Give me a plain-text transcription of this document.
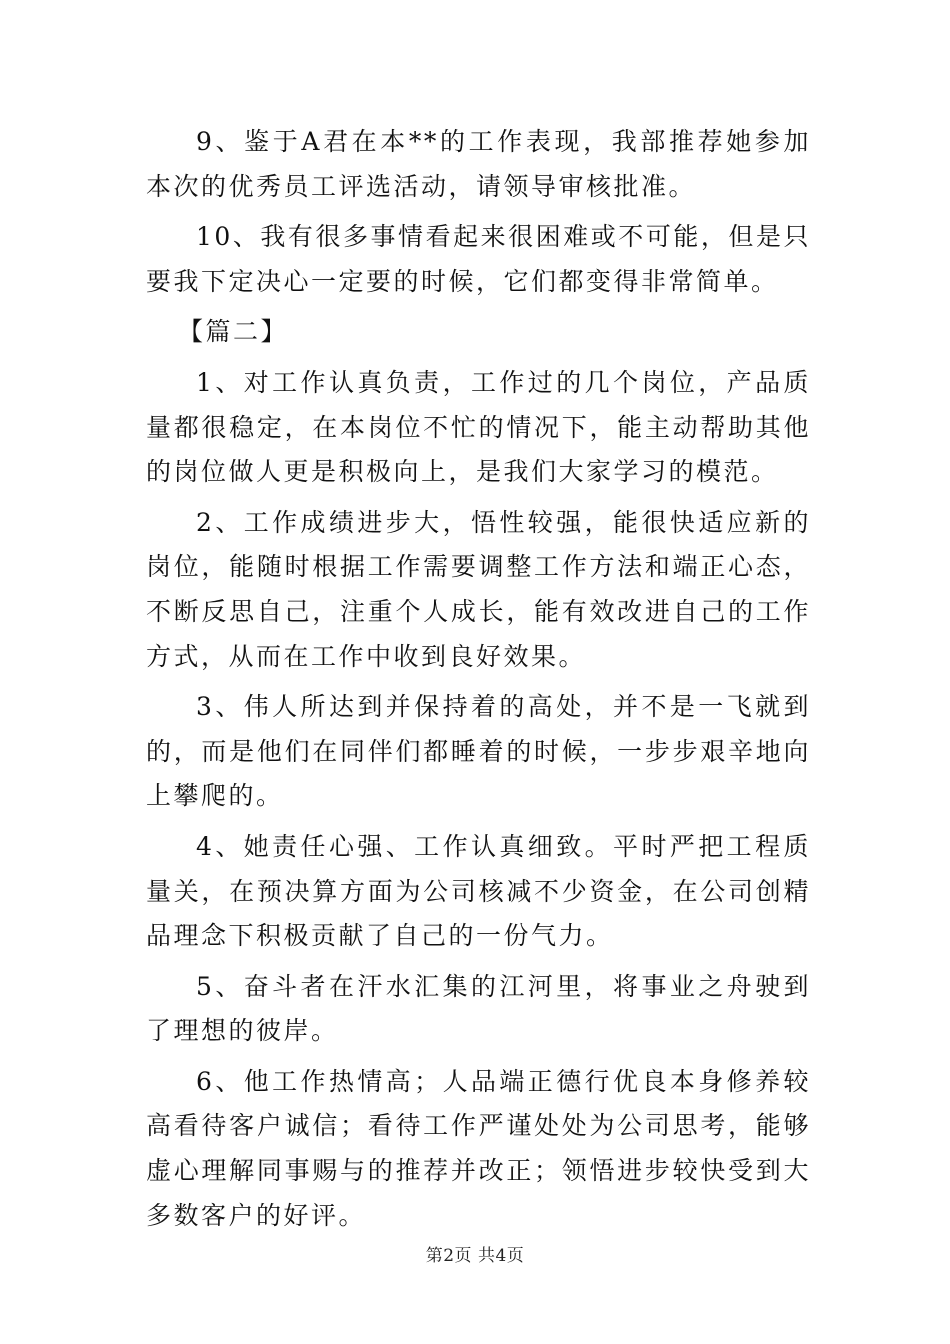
9、鉴于A君在本**的工作表现，我部推荐她参加本次的优秀员工评选活动，请领导审核批准。

10、我有很多事情看起来很困难或不可能，但是只要我下定决心一定要的时候，它们都变得非常简单。

【篇二】

1、对工作认真负责，工作过的几个岗位，产品质量都很稳定，在本岗位不忙的情况下，能主动帮助其他的岗位做人更是积极向上，是我们大家学习的模范。

2、工作成绩进步大，悟性较强，能很快适应新的岗位，能随时根据工作需要调整工作方法和端正心态，不断反思自己，注重个人成长，能有效改进自己的工作方式，从而在工作中收到良好效果。

3、伟人所达到并保持着的高处，并不是一飞就到的，而是他们在同伴们都睡着的时候，一步步艰辛地向上攀爬的。

4、她责任心强、工作认真细致。平时严把工程质量关，在预决算方面为公司核减不少资金，在公司创精品理念下积极贡献了自己的一份气力。

5、奋斗者在汗水汇集的江河里，将事业之舟驶到了理想的彼岸。

6、他工作热情高；人品端正德行优良本身修养较高看待客户诚信；看待工作严谨处处为公司思考，能够虚心理解同事赐与的推荐并改正；领悟进步较快受到大多数客户的好评。

第2页 共4页
